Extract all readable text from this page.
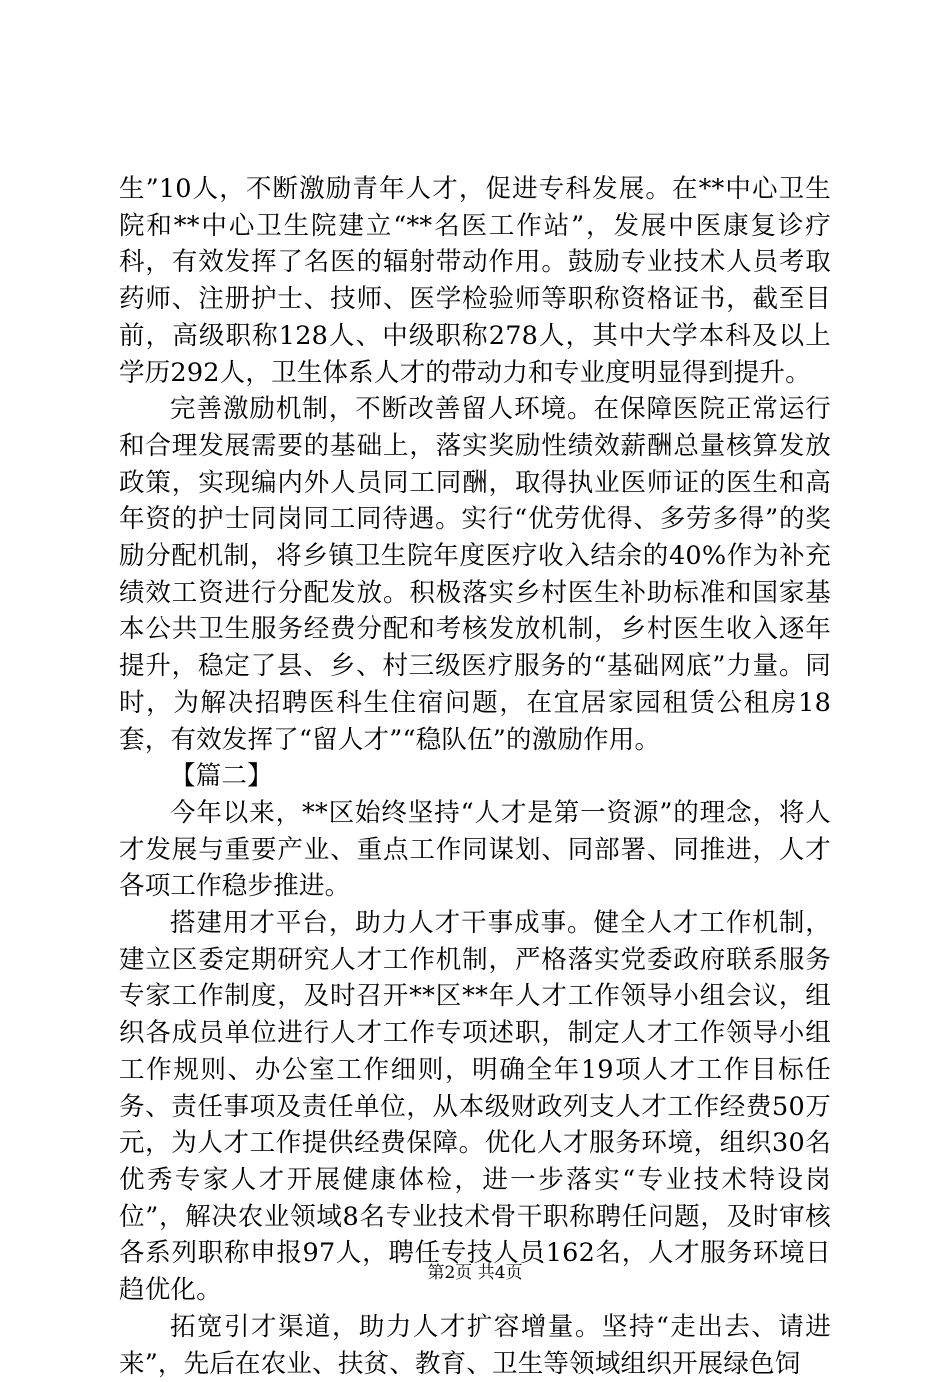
生”10人，不断激励青年人才，促进专科发展。在**中心卫生院和**中心卫生院建立“**名医工作站”，发展中医康复诊疗科，有效发挥了名医的辐射带动作用。鼓励专业技术人员考取药师、注册护士、技师、医学检验师等职称资格证书，截至目前，高级职称128人、中级职称278人，其中大学本科及以上学历292人，卫生体系人才的带动力和专业度明显得到提升。

完善激励机制，不断改善留人环境。在保障医院正常运行和合理发展需要的基础上，落实奖励性绩效薪酬总量核算发放政策，实现编内外人员同工同酬，取得执业医师证的医生和高年资的护士同岗同工同待遇。实行“优劳优得、多劳多得”的奖励分配机制，将乡镇卫生院年度医疗收入结余的40%作为补充绩效工资进行分配发放。积极落实乡村医生补助标准和国家基本公共卫生服务经费分配和考核发放机制，乡村医生收入逐年提升，稳定了县、乡、村三级医疗服务的“基础网底”力量。同时，为解决招聘医科生住宿问题，在宜居家园租赁公租房18套，有效发挥了“留人才”“稳队伍”的激励作用。

【篇二】

今年以来，**区始终坚持“人才是第一资源”的理念，将人才发展与重要产业、重点工作同谋划、同部署、同推进，人才各项工作稳步推进。

搭建用才平台，助力人才干事成事。健全人才工作机制，建立区委定期研究人才工作机制，严格落实党委政府联系服务专家工作制度，及时召开**区**年人才工作领导小组会议，组织各成员单位进行人才工作专项述职，制定人才工作领导小组工作规则、办公室工作细则，明确全年19项人才工作目标任务、责任事项及责任单位，从本级财政列支人才工作经费50万元，为人才工作提供经费保障。优化人才服务环境，组织30名优秀专家人才开展健康体检，进一步落实“专业技术特设岗位”，解决农业领域8名专业技术骨干职称聘任问题，及时审核各系列职称申报97人，聘任专技人员162名，人才服务环境日趋优化。

拓宽引才渠道，助力人才扩容增量。坚持“走出去、请进来”，先后在农业、扶贫、教育、卫生等领域组织开展绿色饲

第2页 共4页
